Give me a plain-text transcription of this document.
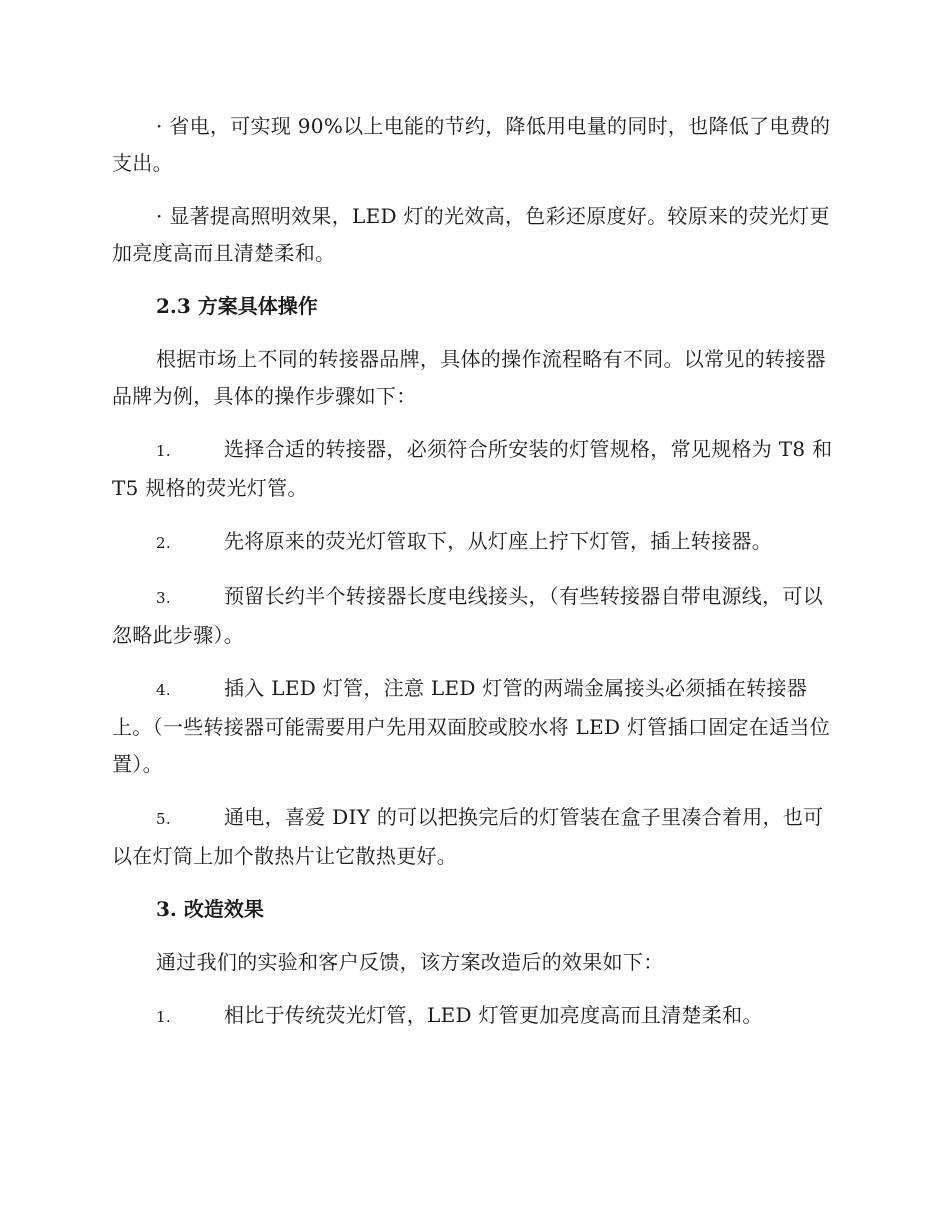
· 省电，可实现 90%以上电能的节约，降低用电量的同时，也降低了电费的支出。

· 显著提高照明效果，LED 灯的光效高，色彩还原度好。较原来的荧光灯更加亮度高而且清楚柔和。

2.3 方案具体操作

根据市场上不同的转接器品牌，具体的操作流程略有不同。以常见的转接器品牌为例，具体的操作步骤如下：

1.	选择合适的转接器，必须符合所安装的灯管规格，常见规格为 T8 和 T5 规格的荧光灯管。

2.	先将原来的荧光灯管取下，从灯座上拧下灯管，插上转接器。

3.	预留长约半个转接器长度电线接头，（有些转接器自带电源线，可以忽略此步骤）。

4.	插入 LED 灯管，注意 LED 灯管的两端金属接头必须插在转接器上。（一些转接器可能需要用户先用双面胶或胶水将 LED 灯管插口固定在适当位置）。

5.	通电，喜爱 DIY 的可以把换完后的灯管装在盒子里凑合着用，也可以在灯筒上加个散热片让它散热更好。

3. 改造效果

通过我们的实验和客户反馈，该方案改造后的效果如下：

1.	相比于传统荧光灯管，LED 灯管更加亮度高而且清楚柔和。
